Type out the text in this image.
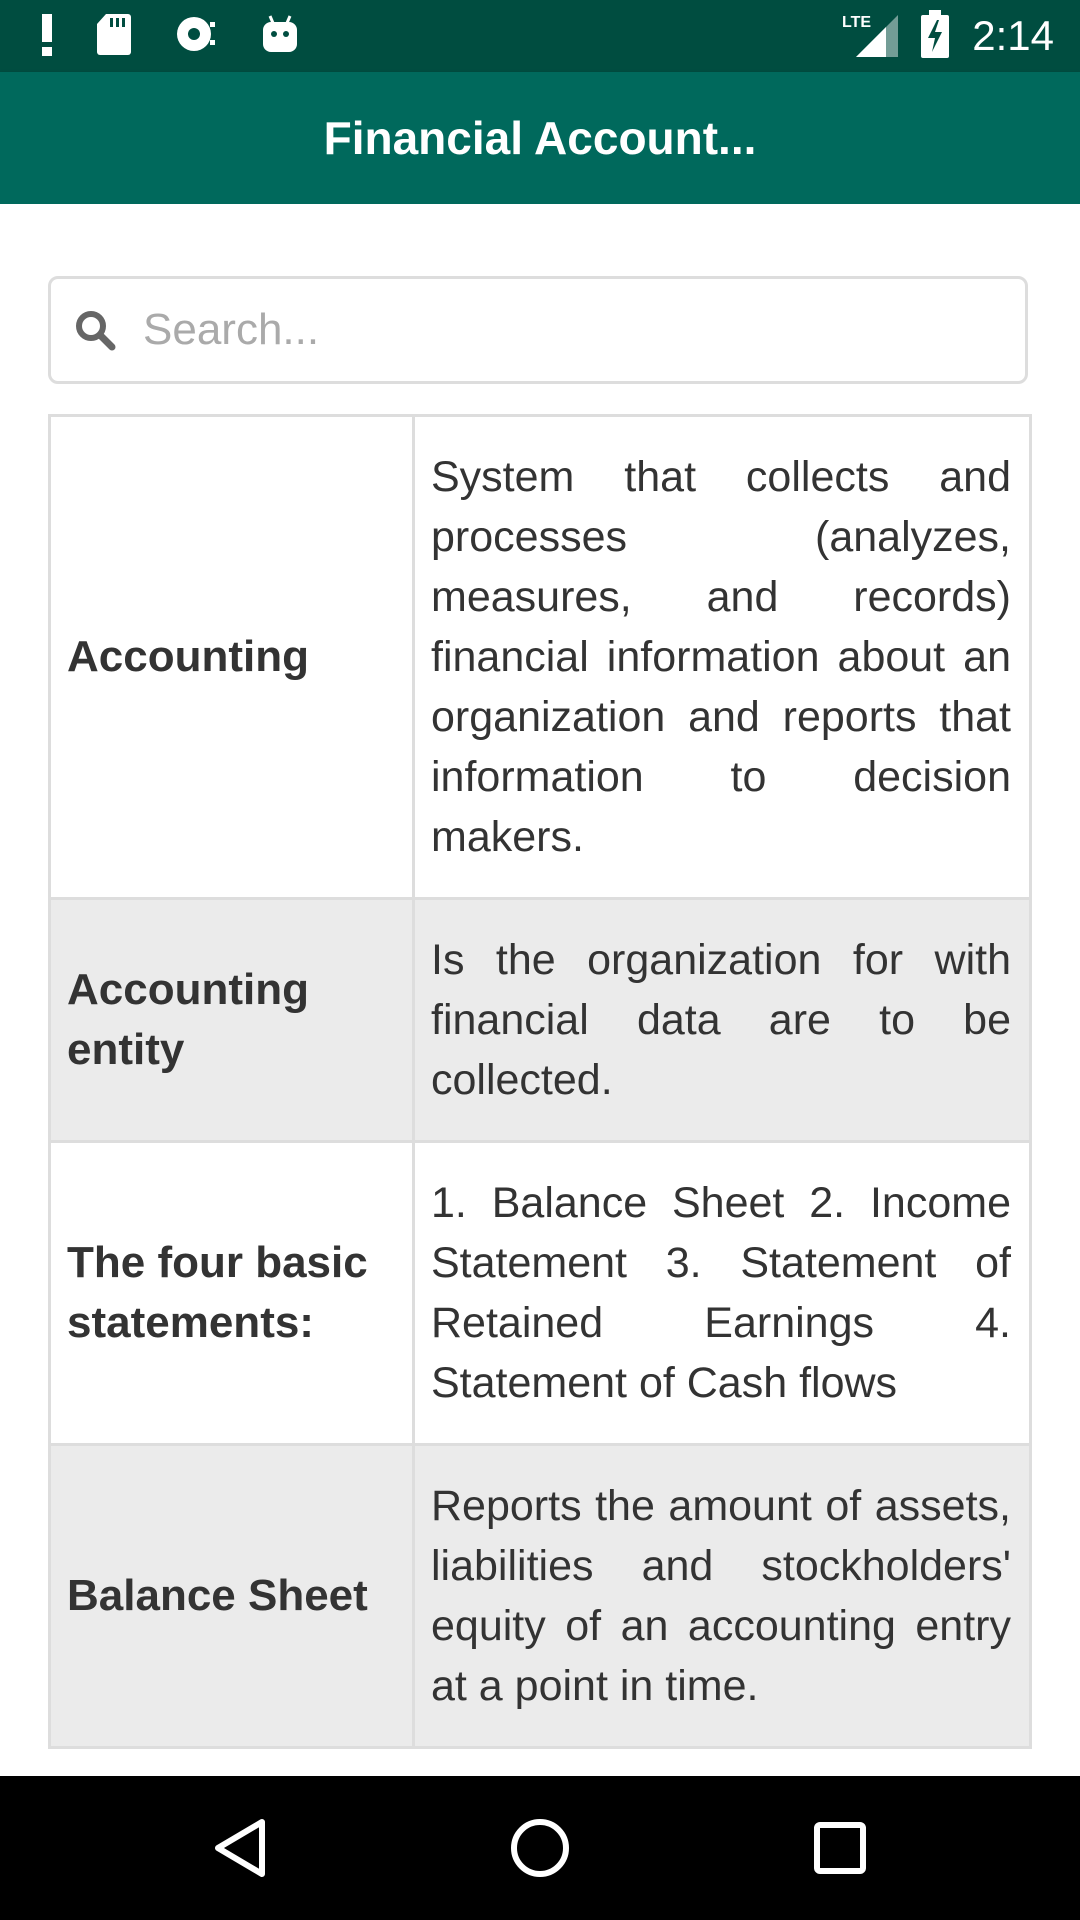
LTE 2:14
Financial Account...
Search...
Accounting	System that collects and processes (analyzes, measures, and records) financial information about an organization and reports that information to decision makers.
Accounting entity	Is the organization for with financial data are to be collected.
The four basic statements:	1. Balance Sheet 2. Income Statement 3. Statement of Retained Earnings 4. Statement of Cash flows
Balance Sheet	Reports the amount of assets, liabilities and stockholders' equity of an accounting entry at a point in time.
